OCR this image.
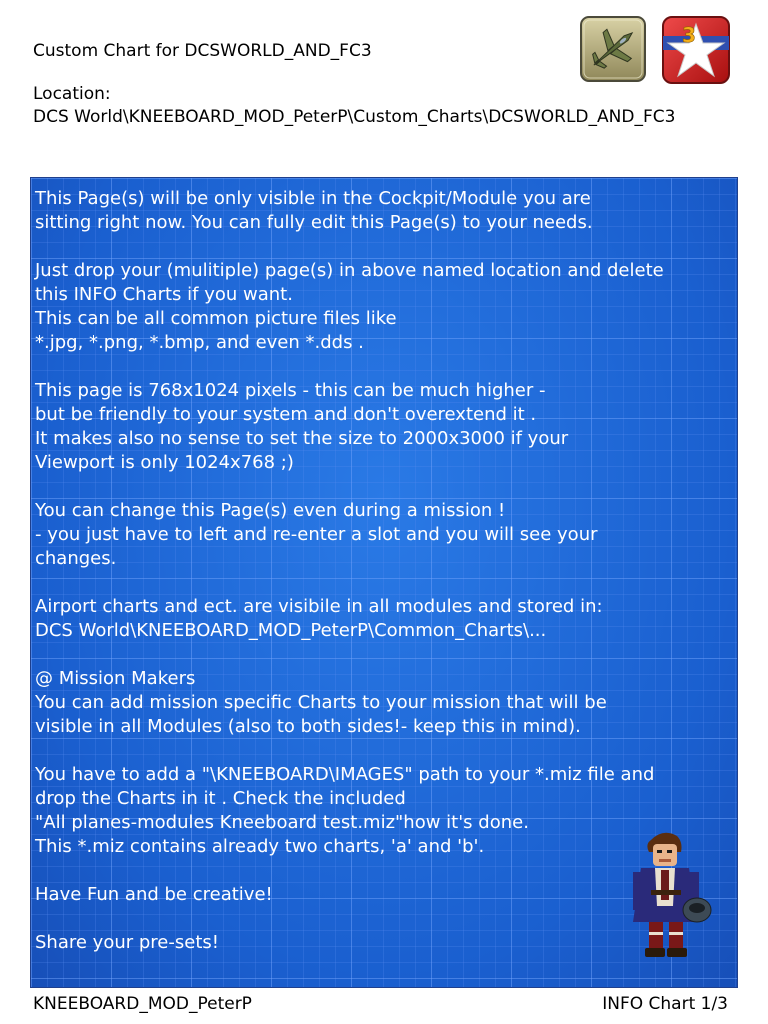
Custom Chart for DCSWORLD_AND_FC3
Location:
DCS World\KNEEBOARD_MOD_PeterP\Custom_Charts\DCSWORLD_AND_FC3
3
This Page(s) will be only visible in the Cockpit/Module you are
sitting right now. You can fully edit this Page(s) to your needs.
Just drop your (mulitiple) page(s) in above named location and delete
this INFO Charts if you want.
This can be all common picture files like
*.jpg, *.png, *.bmp, and even *.dds .
This page is 768x1024 pixels - this can be much higher -
but be friendly to your system and don't overextend it .
It makes also no sense to set the size to 2000x3000 if your
Viewport is only 1024x768 ;)
You can change this Page(s) even during a mission !
- you just have to left and re-enter a slot and you will see your
changes.
Airport charts and ect. are visibile in all modules and stored in:
DCS World\KNEEBOARD_MOD_PeterP\Common_Charts\...
@ Mission Makers
You can add mission specific Charts to your mission that will be
visible in all Modules (also to both sides!- keep this in mind).
You have to add a "\KNEEBOARD\IMAGES" path to your *.miz file and
drop the Charts in it . Check the included
"All planes-modules Kneeboard test.miz"how it's done.
This *.miz contains already two charts, 'a' and 'b'.
Have Fun and be creative!
Share your pre-sets!
KNEEBOARD_MOD_PeterP	INFO Chart 1/3
